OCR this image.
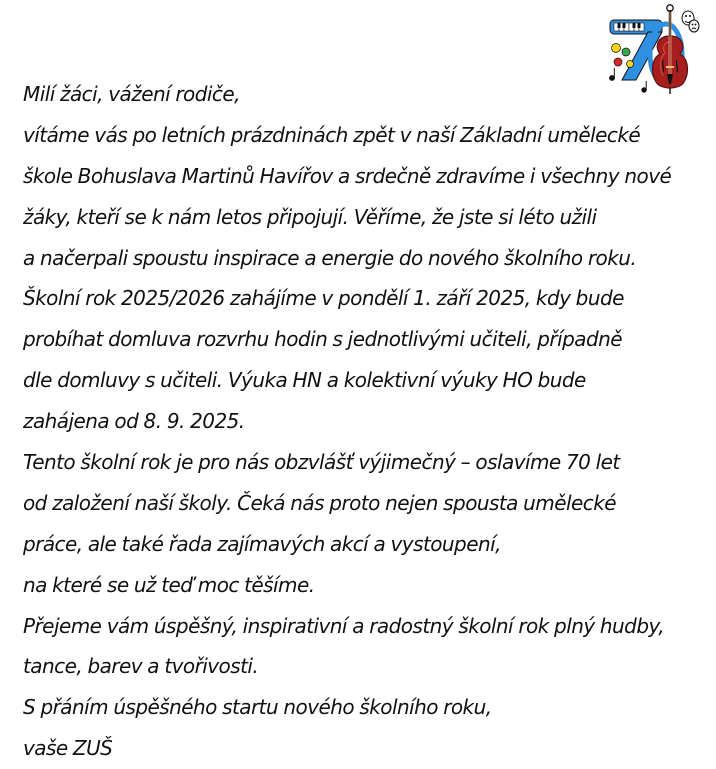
Milí žáci, vážení rodiče,
vítáme vás po letních prázdninách zpět v naší Základní umělecké
škole Bohuslava Martinů Havířov a srdečně zdravíme i všechny nové
žáky, kteří se k nám letos připojují. Věříme, že jste si léto užili
a načerpali spoustu inspirace a energie do nového školního roku.
Školní rok 2025/2026 zahájíme v pondělí 1. září 2025, kdy bude
probíhat domluva rozvrhu hodin s jednotlivými učiteli, případně
dle domluvy s učiteli. Výuka HN a kolektivní výuky HO bude
zahájena od 8. 9. 2025.
Tento školní rok je pro nás obzvlášť výjimečný – oslavíme 70 let
od založení naší školy. Čeká nás proto nejen spousta umělecké
práce, ale také řada zajímavých akcí a vystoupení,
na které se už teď moc těšíme.
Přejeme vám úspěšný, inspirativní a radostný školní rok plný hudby,
tance, barev a tvořivosti.
S přáním úspěšného startu nového školního roku,
vaše ZUŠ
